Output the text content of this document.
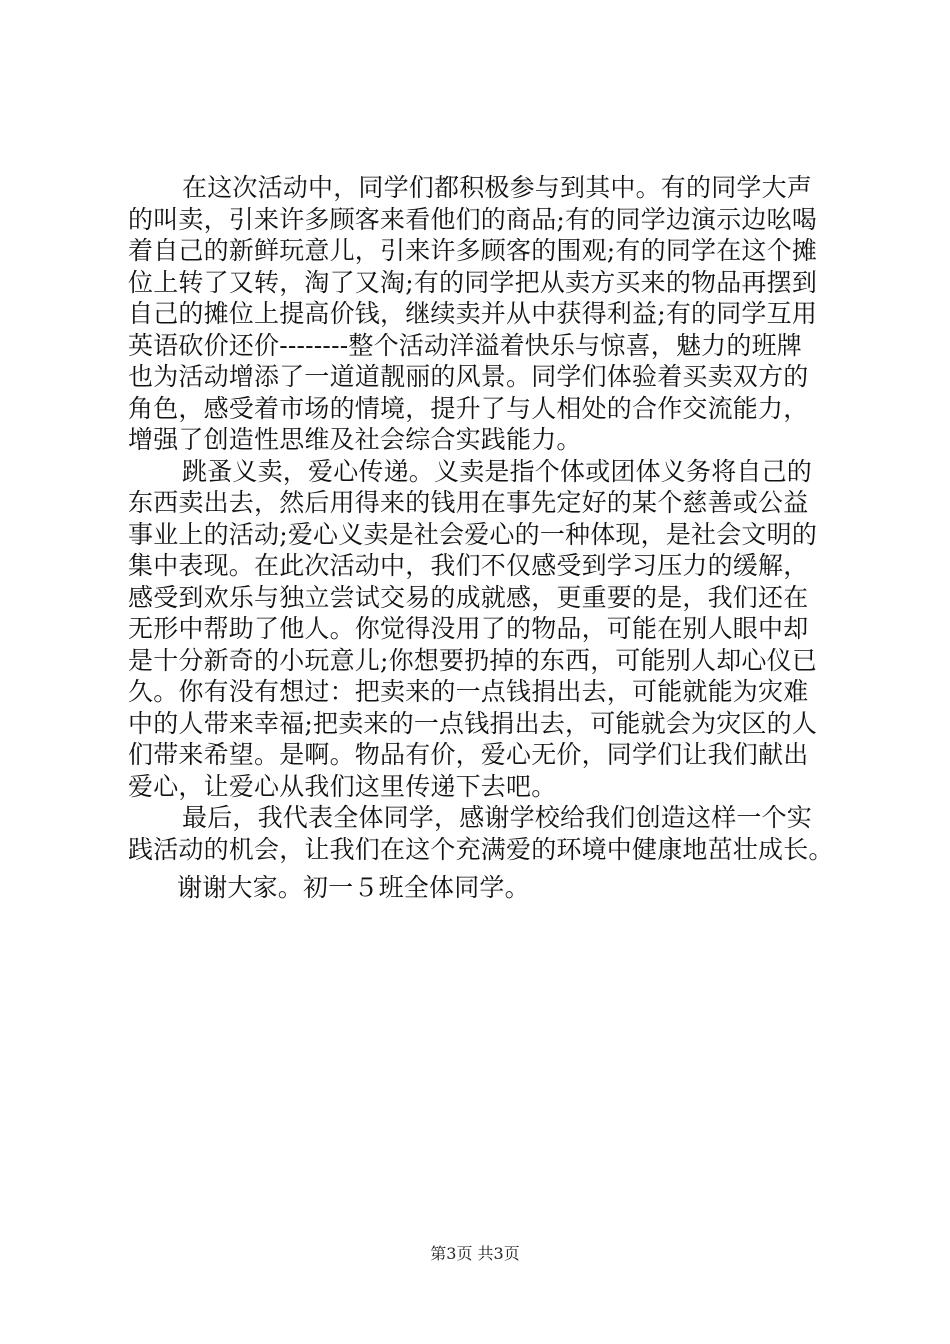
在这次活动中，同学们都积极参与到其中。有的同学大声
的叫卖，引来许多顾客来看他们的商品;有的同学边演示边吆喝
着自己的新鲜玩意儿，引来许多顾客的围观;有的同学在这个摊
位上转了又转，淘了又淘;有的同学把从卖方买来的物品再摆到
自己的摊位上提高价钱，继续卖并从中获得利益;有的同学互用
英语砍价还价--------整个活动洋溢着快乐与惊喜，魅力的班牌
也为活动增添了一道道靓丽的风景。同学们体验着买卖双方的
角色，感受着市场的情境，提升了与人相处的合作交流能力，
增强了创造性思维及社会综合实践能力。
跳蚤义卖，爱心传递。义卖是指个体或团体义务将自己的
东西卖出去，然后用得来的钱用在事先定好的某个慈善或公益
事业上的活动;爱心义卖是社会爱心的一种体现，是社会文明的
集中表现。在此次活动中，我们不仅感受到学习压力的缓解，
感受到欢乐与独立尝试交易的成就感，更重要的是，我们还在
无形中帮助了他人。你觉得没用了的物品，可能在别人眼中却
是十分新奇的小玩意儿;你想要扔掉的东西，可能别人却心仪已
久。你有没有想过：把卖来的一点钱捐出去，可能就能为灾难
中的人带来幸福;把卖来的一点钱捐出去，可能就会为灾区的人
们带来希望。是啊。物品有价，爱心无价，同学们让我们献出
爱心，让爱心从我们这里传递下去吧。
最后，我代表全体同学，感谢学校给我们创造这样一个实
践活动的机会，让我们在这个充满爱的环境中健康地茁壮成长。
谢谢大家。初一５班全体同学。
第3页 共3页
